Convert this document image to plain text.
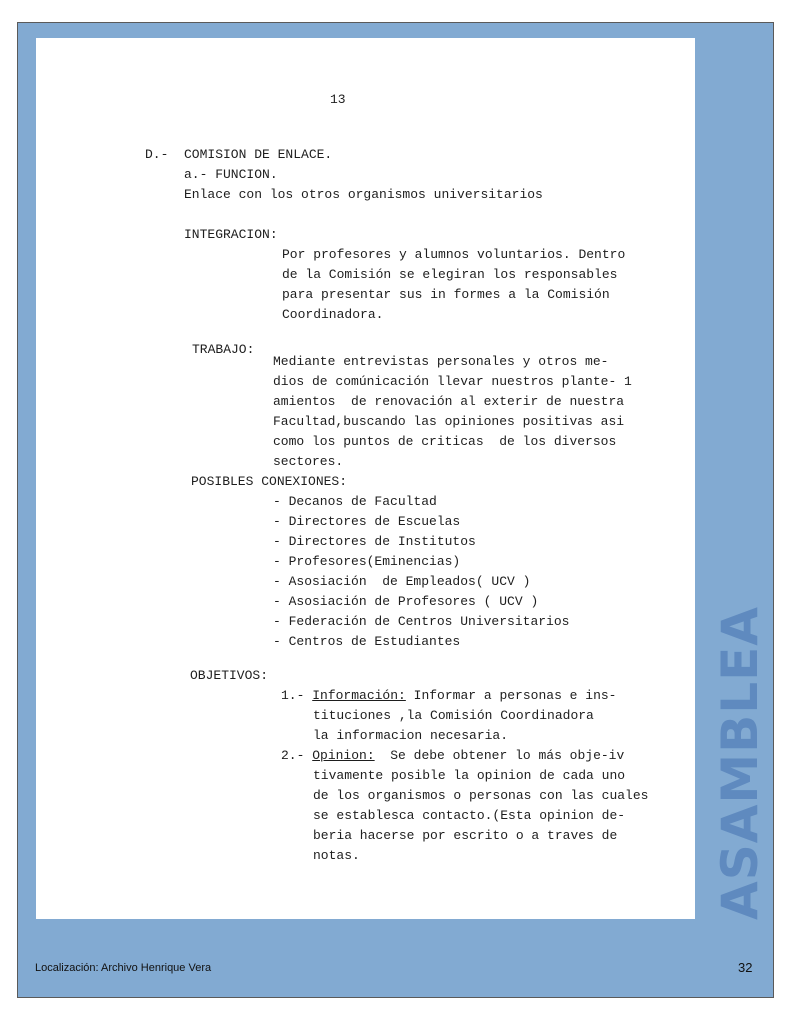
13
D.- COMISION DE ENLACE.
a.- FUNCION.
Enlace con los otros organismos universitarios
INTEGRACION:
Por profesores y alumnos voluntarios. Dentro
de la Comisión se elegiran los responsables
para presentar sus in formes a la Comisión
Coordinadora.
TRABAJO:
Mediante entrevistas personales y otros me-
dios de comúnicación llevar nuestros plante- 1
amientos  de renovación al exterir de nuestra
Facultad,buscando las opiniones positivas asi
como los puntos de criticas  de los diversos
sectores.
POSIBLES CONEXIONES:
- Decanos de Facultad
- Directores de Escuelas
- Directores de Institutos
- Profesores(Eminencias)
- Asosiación  de Empleados( UCV )
- Asosiación de Profesores ( UCV )
- Federación de Centros Universitarios
- Centros de Estudiantes
OBJETIVOS:
1.- Información: Informar a personas e ins-
tituciones ,la Comisión Coordinadora
la informacion necesaria.
2.- Opinion:  Se debe obtener lo más obje-iv
tivamente posible la opinion de cada uno
de los organismos o personas con las cuales
se establesca contacto.(Esta opinion de-
beria hacerse por escrito o a traves de
notas.	ASAMBLEA
Localización: Archivo Henrique Vera	32
